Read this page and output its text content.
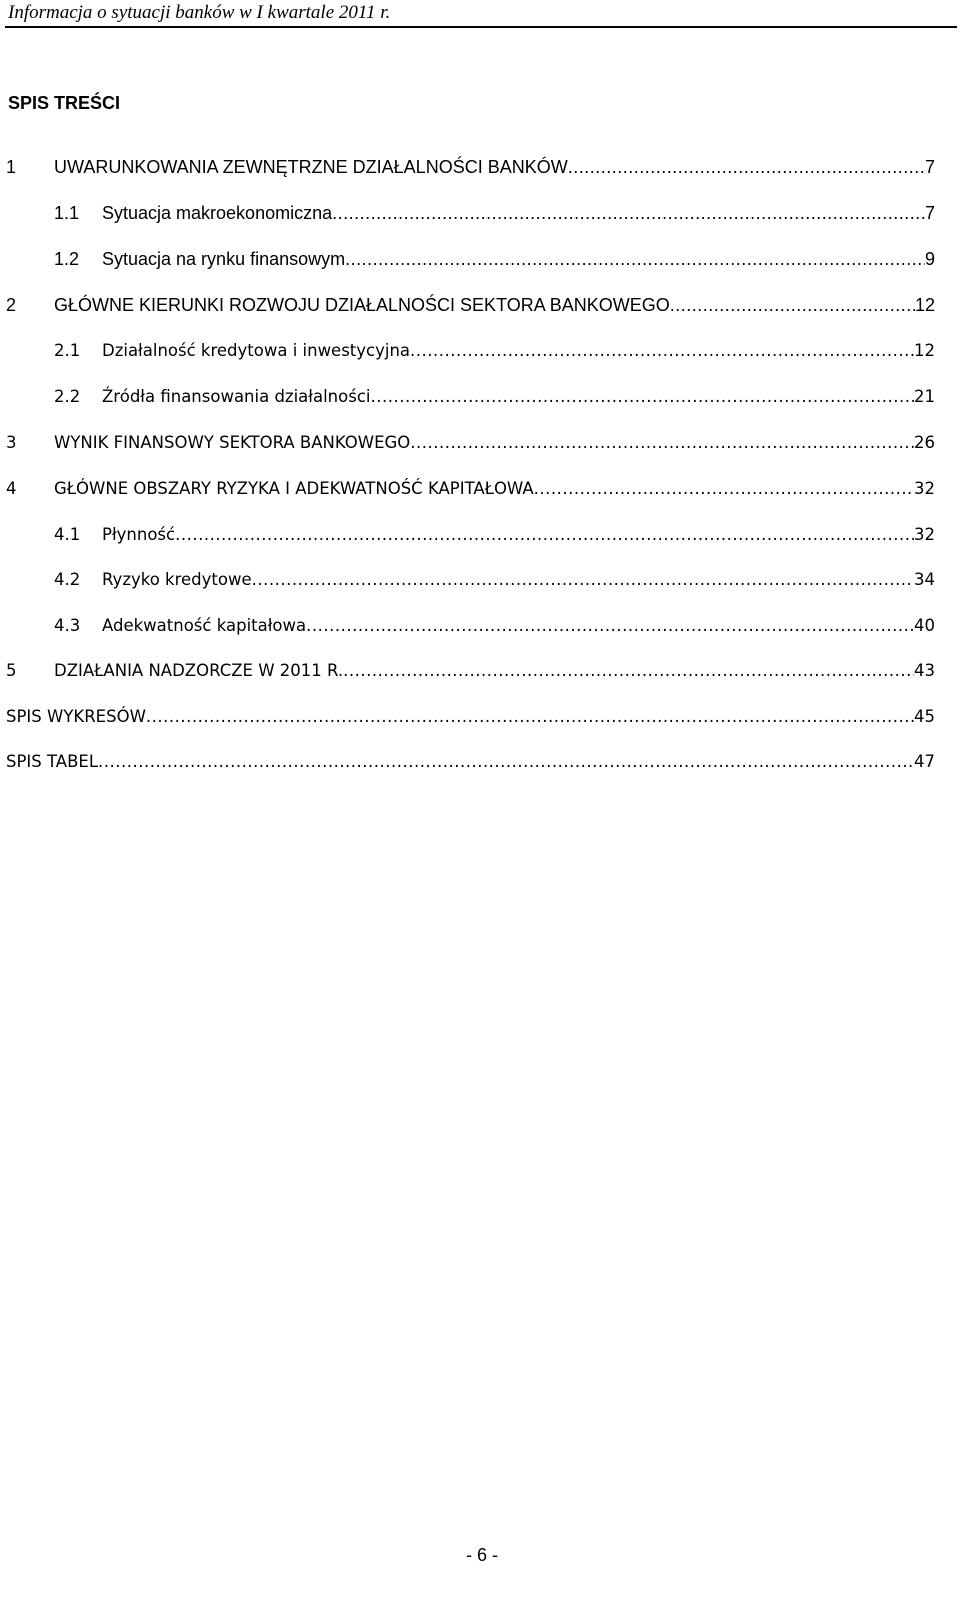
Informacja o sytuacji banków w I kwartale 2011 r.
SPIS TREŚCI
1	UWARUNKOWANIA ZEWNĘTRZNE DZIAŁALNOŚCI BANKÓW .....	7
1.1	Sytuacja makroekonomiczna .....	7
1.2	Sytuacja na rynku finansowym .....	9
2	GŁÓWNE KIERUNKI ROZWOJU DZIAŁALNOŚCI SEKTORA BANKOWEGO .....	12
2.1	Działalność kredytowa i inwestycyjna .....	12
2.2	Źródła finansowania działalności .....	21
3	WYNIK FINANSOWY SEKTORA BANKOWEGO .....	26
4	GŁÓWNE OBSZARY RYZYKA I ADEKWATNOŚĆ KAPITAŁOWA .....	32
4.1	Płynność .....	32
4.2	Ryzyko kredytowe .....	34
4.3	Adekwatność kapitałowa .....	40
5	DZIAŁANIA NADZORCZE W 2011 R. .....	43
SPIS WYKRESÓW .....	45
SPIS TABEL .....	47
- 6 -
